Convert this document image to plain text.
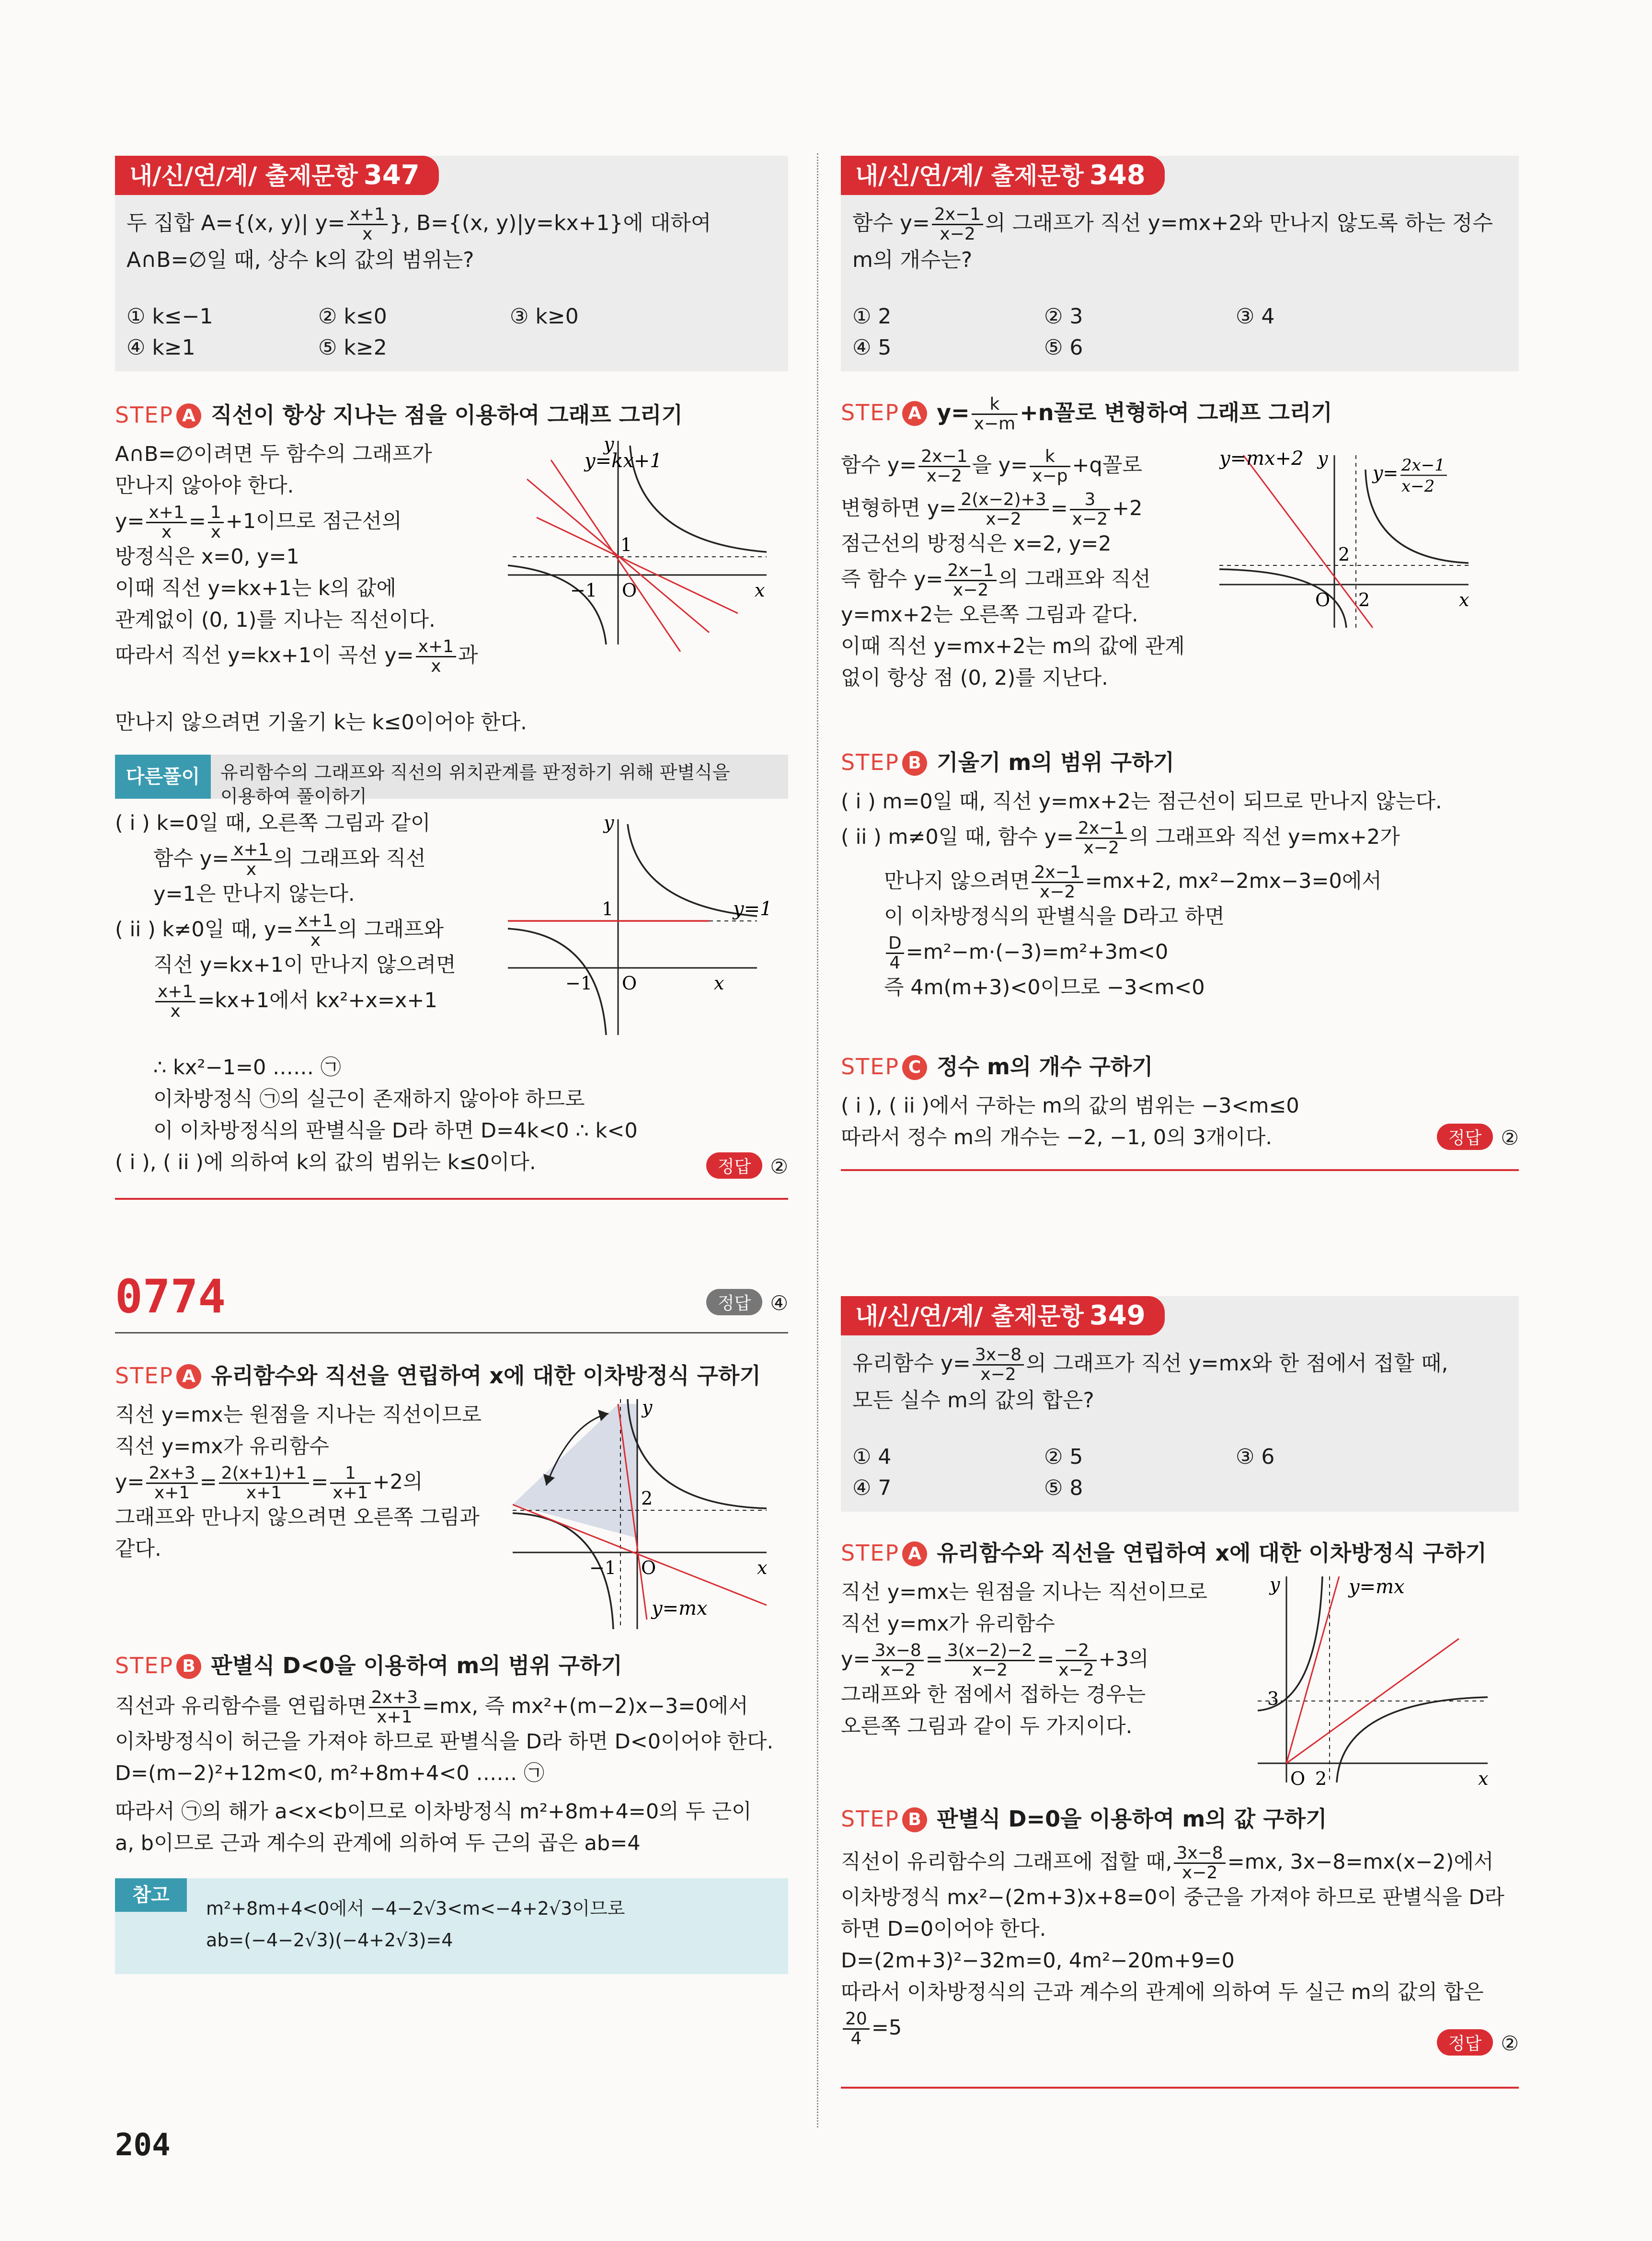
내/신/연/계/ 출제문항 347
두 집합 A={(x, y)| $y= \frac{x+1}{x}$ }, B={(x, y)|y=kx+1}에 대하여
A∩B=∅일 때, 상수 k의 값의 범위는?
① k≤−1	② k≤0	③ k≥0
④ k≥1	⑤ k≥2
STEP A 직선이 항상 지나는 점을 이용하여 그래프 그리기
A∩B=∅이려면 두 함수의 그래프가
만나지 않아야 한다.
$y= \frac{x+1}{x} = \frac{1}{x} +1$이므로 점근선의
방정식은 x=0, y=1
이때 직선 y=kx+1는 k의 값에
관계없이 (0, 1)를 지나는 직선이다.
따라서 직선 y=kx+1이 곡선 $y= \frac{x+1}{x}$ 과
만나지 않으려면 기울기 k는 k≤0이어야 한다.
y=kx+1
1
−1 O	x
y
다른풀이	유리함수의 그래프와 직선의 위치관계를 판정하기 위해 판별식을
이용하여 풀이하기
( i ) k=0일 때, 오른쪽 그림과 같이
함수 $y= \frac{x+1}{x}$ 의 그래프와 직선
y=1은 만나지 않는다.
( ii ) k≠0일 때, $y= \frac{x+1}{x}$ 의 그래프와
직선 y=kx+1이 만나지 않으려면
$\frac{x+1}{x} =kx+1$에서 kx²+x=x+1
∴ kx²−1=0 …… ㉠
이차방정식 ㉠의 실근이 존재하지 않아야 하므로
이 이차방정식의 판별식을 D라 하면 D=4k<0 ∴ k<0
( i ), ( ii )에 의하여 k의 값의 범위는 k≤0이다.
y=1
1
−1 O	x
y
정답 ②
0774	정답 ④
STEP A 유리함수와 직선을 연립하여 x에 대한 이차방정식 구하기
직선 y=mx는 원점을 지나는 직선이므로
직선 y=mx가 유리함수
$y= \frac{2x+3}{x+1} = \frac{2(x+1)+1}{x+1} = \frac{1}{x+1} +2$의
그래프와 만나지 않으려면 오른쪽 그림과
같다.
2
−1 O	x
y
y=mx
STEP B 판별식 D<0을 이용하여 m의 범위 구하기
직선과 유리함수를 연립하면 $\frac{2x+3}{x+1} =mx$, 즉 mx²+(m−2)x−3=0에서
이차방정식이 허근을 가져야 하므로 판별식을 D라 하면 D<0이어야 한다.
D=(m−2)²+12m<0, m²+8m+4<0 …… ㉠
따라서 ㉠의 해가 a<x<b이므로 이차방정식 m²+8m+4=0의 두 근이
a, b이므로 근과 계수의 관계에 의하여 두 근의 곱은 ab=4
참고
m²+8m+4<0에서 −4−2√3<m<−4+2√3이므로
ab=(−4−2√3)(−4+2√3)=4
내/신/연/계/ 출제문항 348
함수 $y= \frac{2x-1}{x-2}$ 의 그래프가 직선 y=mx+2와 만나지 않도록 하는 정수
m의 개수는?
① 2	② 3	③ 4
④ 5	⑤ 6
STEP A $y= \frac{k}{x-m} +n$꼴로 변형하여 그래프 그리기
함수 $y= \frac{2x-1}{x-2}$ 을 $y= \frac{k}{x-p} +q$꼴로
변형하면 $y= \frac{2(x-2)+3}{x-2} = \frac{3}{x-2} +2$
점근선의 방정식은 x=2, y=2
즉 함수 $y= \frac{2x-1}{x-2}$ 의 그래프와 직선
y=mx+2는 오른쪽 그림과 같다.
이때 직선 y=mx+2는 m의 값에 관계
없이 항상 점 (0, 2)를 지난다.
y=mx+2 y
y= 2x−1
x−2
2
O 2	x
STEP B 기울기 m의 범위 구하기
( i ) m=0일 때, 직선 y=mx+2는 점근선이 되므로 만나지 않는다.
( ii ) m≠0일 때, 함수 $y= \frac{2x-1}{x-2}$ 의 그래프와 직선 y=mx+2가
만나지 않으려면 $\frac{2x-1}{x-2} =mx+2$, mx²−2mx−3=0에서
이 이차방정식의 판별식을 D라고 하면
$\frac{D}{4} =m^2-m\cdot(-3)=m^2+3m<0$
즉 4m(m+3)<0이므로 −3<m<0
STEP C 정수 m의 개수 구하기
( i ), ( ii )에서 구하는 m의 값의 범위는 −3<m≤0
따라서 정수 m의 개수는 −2, −1, 0의 3개이다.	정답 ②
내/신/연/계/ 출제문항 349
유리함수 $y= \frac{3x-8}{x-2}$ 의 그래프가 직선 y=mx와 한 점에서 접할 때,
모든 실수 m의 값의 합은?
① 4	② 5	③ 6
④ 7	⑤ 8
STEP A 유리함수와 직선을 연립하여 x에 대한 이차방정식 구하기
직선 y=mx는 원점을 지나는 직선이므로
직선 y=mx가 유리함수
$y= \frac{3x-8}{x-2} = \frac{3(x-2)-2}{x-2} = \frac{-2}{x-2} +3$의
그래프와 한 점에서 접하는 경우는
오른쪽 그림과 같이 두 가지이다.
y	y=mx
3
O 2	x
STEP B 판별식 D=0을 이용하여 m의 값 구하기
직선이 유리함수의 그래프에 접할 때, $\frac{3x-8}{x-2} =mx$, 3x−8=mx(x−2)에서
이차방정식 mx²−(2m+3)x+8=0이 중근을 가져야 하므로 판별식을 D라
하면 D=0이어야 한다.
D=(2m+3)²−32m=0, 4m²−20m+9=0
따라서 이차방정식의 근과 계수의 관계에 의하여 두 실근 m의 값의 합은
$\frac{20}{4} =5$
정답 ②
204
